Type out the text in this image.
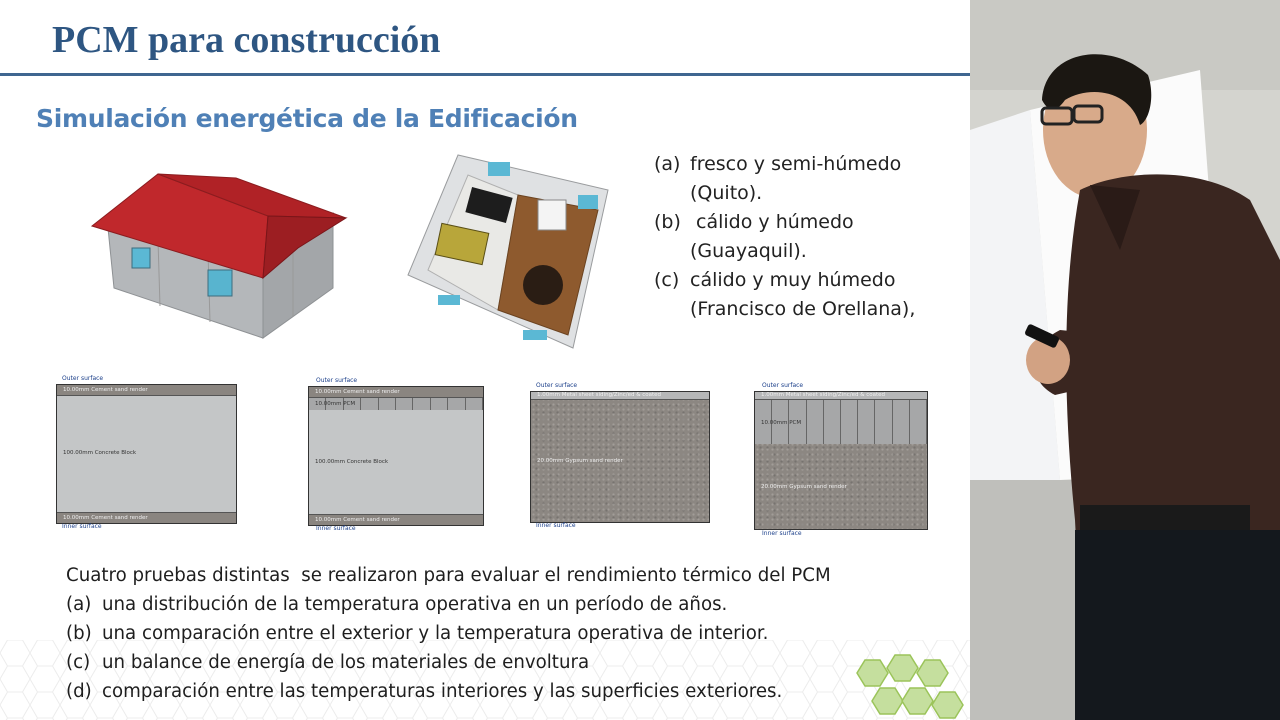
PCM para construcción
Simulación energética de la Edificación
(a) fresco y semi-húmedo
(Quito).
(b) cálido y húmedo
(Guayaquil).
(c) cálido y muy húmedo
(Francisco de Orellana),
Outer surface
10.00mm Cement sand render
100.00mm Concrete Block
10.00mm Cement sand render
Inner surface
Outer surface
10.00mm Cement sand render
10.00mm PCM
100.00mm Concrete Block
10.00mm Cement sand render
Inner surface
Outer surface
1.00mm Metal sheet siding/Zinc/ed & coated
20.00mm Gypsum sand render
Inner surface
Outer surface
1.00mm Metal sheet siding/Zinc/ed & coated
10.00mm PCM
20.00mm Gypsum sand render
Inner surface
Cuatro pruebas distintas  se realizaron para evaluar el rendimiento térmico del PCM
(a) una distribución de la temperatura operativa en un período de años.
(b) una comparación entre el exterior y la temperatura operativa de interior.
(c) un balance de energía de los materiales de envoltura
(d) comparación entre las temperaturas interiores y las superficies exteriores.
